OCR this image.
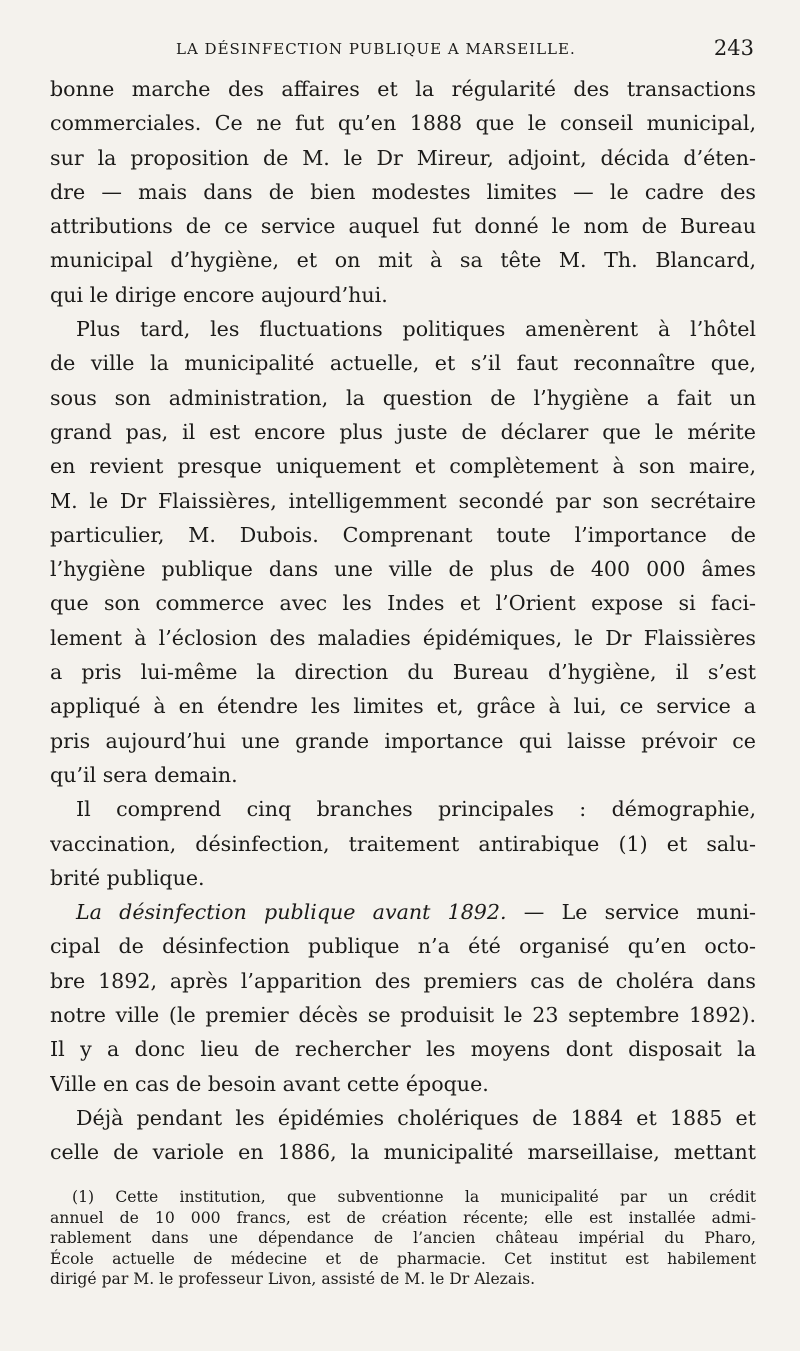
LA DÉSINFECTION PUBLIQUE A MARSEILLE.	243
bonne marche des affaires et la régularité des transactions
commerciales. Ce ne fut qu’en 1888 que le conseil municipal,
sur la proposition de M. le Dr Mireur, adjoint, décida d’éten-
dre — mais dans de bien modestes limites — le cadre des
attributions de ce service auquel fut donné le nom de Bureau
municipal d’hygiène, et on mit à sa tête M. Th. Blancard,
qui le dirige encore aujourd’hui.
Plus tard, les fluctuations politiques amenèrent à l’hôtel
de ville la municipalité actuelle, et s’il faut reconnaître que,
sous son administration, la question de l’hygiène a fait un
grand pas, il est encore plus juste de déclarer que le mérite
en revient presque uniquement et complètement à son maire,
M. le Dr Flaissières, intelligemment secondé par son secrétaire
particulier, M. Dubois. Comprenant toute l’importance de
l’hygiène publique dans une ville de plus de 400 000 âmes
que son commerce avec les Indes et l’Orient expose si faci-
lement à l’éclosion des maladies épidémiques, le Dr Flaissières
a pris lui-même la direction du Bureau d’hygiène, il s’est
appliqué à en étendre les limites et, grâce à lui, ce service a
pris aujourd’hui une grande importance qui laisse prévoir ce
qu’il sera demain.
Il comprend cinq branches principales : démographie,
vaccination, désinfection, traitement antirabique (1) et salu-
brité publique.
La désinfection publique avant 1892. — Le service muni-
cipal de désinfection publique n’a été organisé qu’en octo-
bre 1892, après l’apparition des premiers cas de choléra dans
notre ville (le premier décès se produisit le 23 septembre 1892).
Il y a donc lieu de rechercher les moyens dont disposait la
Ville en cas de besoin avant cette époque.
Déjà pendant les épidémies cholériques de 1884 et 1885 et
celle de variole en 1886, la municipalité marseillaise, mettant
(1) Cette institution, que subventionne la municipalité par un crédit
annuel de 10 000 francs, est de création récente; elle est installée admi-
rablement dans une dépendance de l’ancien château impérial du Pharo,
École actuelle de médecine et de pharmacie. Cet institut est habilement
dirigé par M. le professeur Livon, assisté de M. le Dr Alezais.
